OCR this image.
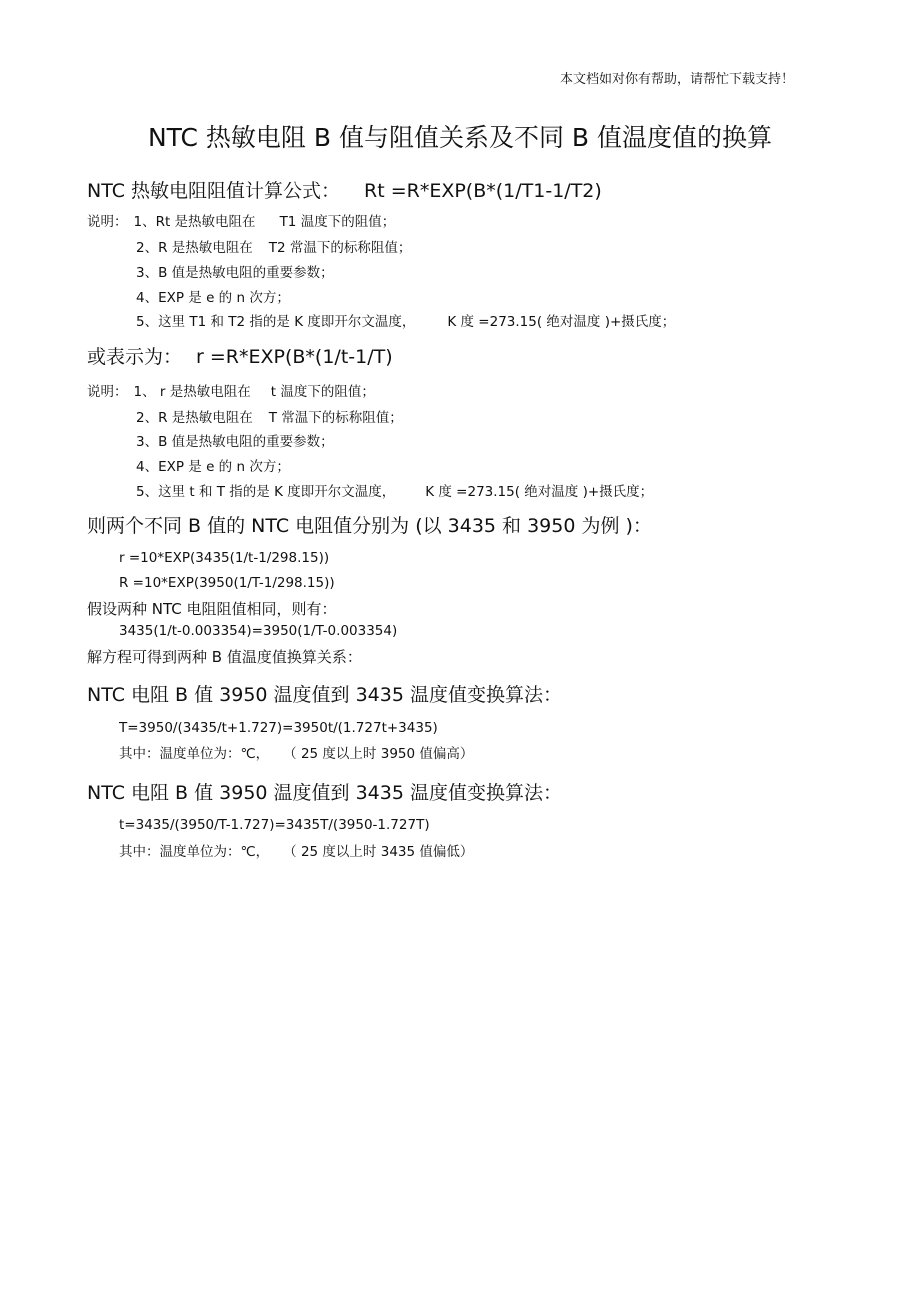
本文档如对你有帮助，请帮忙下载支持！
NTC 热敏电阻 B 值与阻值关系及不同 B 值温度值的换算
NTC 热敏电阻阻值计算公式： Rt =R*EXP(B*(1/T1-1/T2)
说明： 1、Rt 是热敏电阻在 T1 温度下的阻值；
2、R 是热敏电阻在 T2 常温下的标称阻值；
3、B 值是热敏电阻的重要参数；
4、EXP 是 e 的 n 次方；
5、这里 T1 和 T2 指的是 K 度即开尔文温度， K 度 =273.15( 绝对温度 )+摄氏度；
或表示为： r =R*EXP(B*(1/t-1/T)
说明： 1、 r 是热敏电阻在 t 温度下的阻值；
2、R 是热敏电阻在 T 常温下的标称阻值；
3、B 值是热敏电阻的重要参数；
4、EXP 是 e 的 n 次方；
5、这里 t 和 T 指的是 K 度即开尔文温度， K 度 =273.15( 绝对温度 )+摄氏度；
则两个不同 B 值的 NTC 电阻值分别为 (以 3435 和 3950 为例 )：
r =10*EXP(3435(1/t-1/298.15))
R =10*EXP(3950(1/T-1/298.15))
假设两种 NTC 电阻阻值相同，则有：
3435(1/t-0.003354)=3950(1/T-0.003354)
解方程可得到两种 B 值温度值换算关系：
NTC 电阻 B 值 3950 温度值到 3435 温度值变换算法：
T=3950/(3435/t+1.727)=3950t/(1.727t+3435)
其中：温度单位为：℃， （ 25 度以上时 3950 值偏高）
NTC 电阻 B 值 3950 温度值到 3435 温度值变换算法：
t=3435/(3950/T-1.727)=3435T/(3950-1.727T)
其中：温度单位为：℃， （ 25 度以上时 3435 值偏低）
